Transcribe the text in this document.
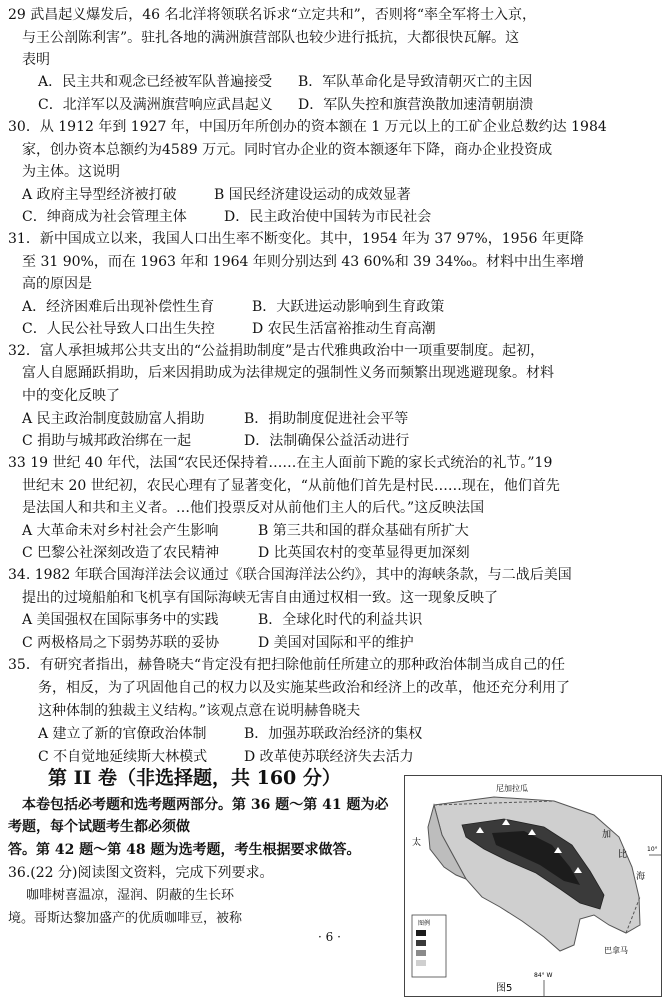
29 武昌起义爆发后，46 名北洋将领联名诉求“立定共和”，否则将“率全军将士入京，
与王公剖陈利害”。驻扎各地的满洲旗营部队也较少进行抵抗，大都很快瓦解。这
表明
A．民主共和观念已经被军队普遍接受 B．军队革命化是导致清朝灭亡的主因
C．北洋军以及满洲旗营响应武昌起义 D．军队失控和旗营涣散加速清朝崩溃
30．从 1912 年到 1927 年，中国历年所创办的资本额在 1 万元以上的工矿企业总数约达 1984
家，创办资本总额约为4589 万元。同时官办企业的资本额逐年下降，商办企业投资成
为主体。这说明
A 政府主导型经济被打破	B 国民经济建设运动的成效显著
C．绅商成为社会管理主体	D．民主政治使中国转为市民社会
31．新中国成立以来，我国人口出生率不断变化。其中，1954 年为 37 97%，1956 年更降
至 31 90%，而在 1963 年和 1964 年则分别达到 43 60%和 39 34‰。材料中出生率增
高的原因是
A．经济困难后出现补偿性生育	B．大跃进运动影响到生育政策
C．人民公社导致人口出生失控	D 农民生活富裕推动生育高潮
32．富人承担城邦公共支出的“公益捐助制度”是古代雅典政治中一项重要制度。起初，
富人自愿踊跃捐助，后来因捐助成为法律规定的强制性义务而频繁出现逃避现象。材料
中的变化反映了
A 民主政治制度鼓励富人捐助	B．捐助制度促进社会平等
C 捐助与城邦政治绑在一起	D．法制确保公益活动进行
33 19 世纪 40 年代，法国“农民还保持着……在主人面前下跪的家长式统治的礼节。”19
世纪末 20 世纪初，农民心理有了显著变化，“从前他们首先是村民……现在，他们首先
是法国人和共和主义者。…他们投票反对从前他们主人的后代。”这反映法国
A 大革命未对乡村社会产生影响	B 第三共和国的群众基础有所扩大
C 巴黎公社深刻改造了农民精神	D 比英国农村的变革显得更加深刻
34. 1982 年联合国海洋法会议通过《联合国海洋法公约》，其中的海峡条款，与二战后美国
提出的过境船舶和飞机享有国际海峡无害自由通过权相一致。这一现象反映了
A 美国强权在国际事务中的实践	B．全球化时代的利益共识
C 两极格局之下弱势苏联的妥协	D 美国对国际和平的维护
35．有研究者指出，赫鲁晓夫“肯定没有把扫除他前任所建立的那种政治体制当成自己的任
务，相反，为了巩固他自己的权力以及实施某些政治和经济上的改革，他还充分利用了
这种体制的独裁主义结构。”该观点意在说明赫鲁晓夫
A 建立了新的官僚政治体制	B．加强苏联政治经济的集权
C 不自觉地延续斯大林模式	D 改革使苏联经济失去活力
第 II 卷（非选择题，共 160 分）
本卷包括必考题和选考题两部分。第 36 题～第 41 题为必
考题，每个试题考生都必须做
答。第 42 题～第 48 题为选考题，考生根据要求做答。
36.(22 分)阅读图文资料，完成下列要求。
咖啡树喜温凉，湿润、阴蔽的生长环
境。哥斯达黎加盛产的优质咖啡豆，被称
· 6 ·
尼加拉瓜
太
加
比
海
巴拿马
10°
84° W
图例
图5
